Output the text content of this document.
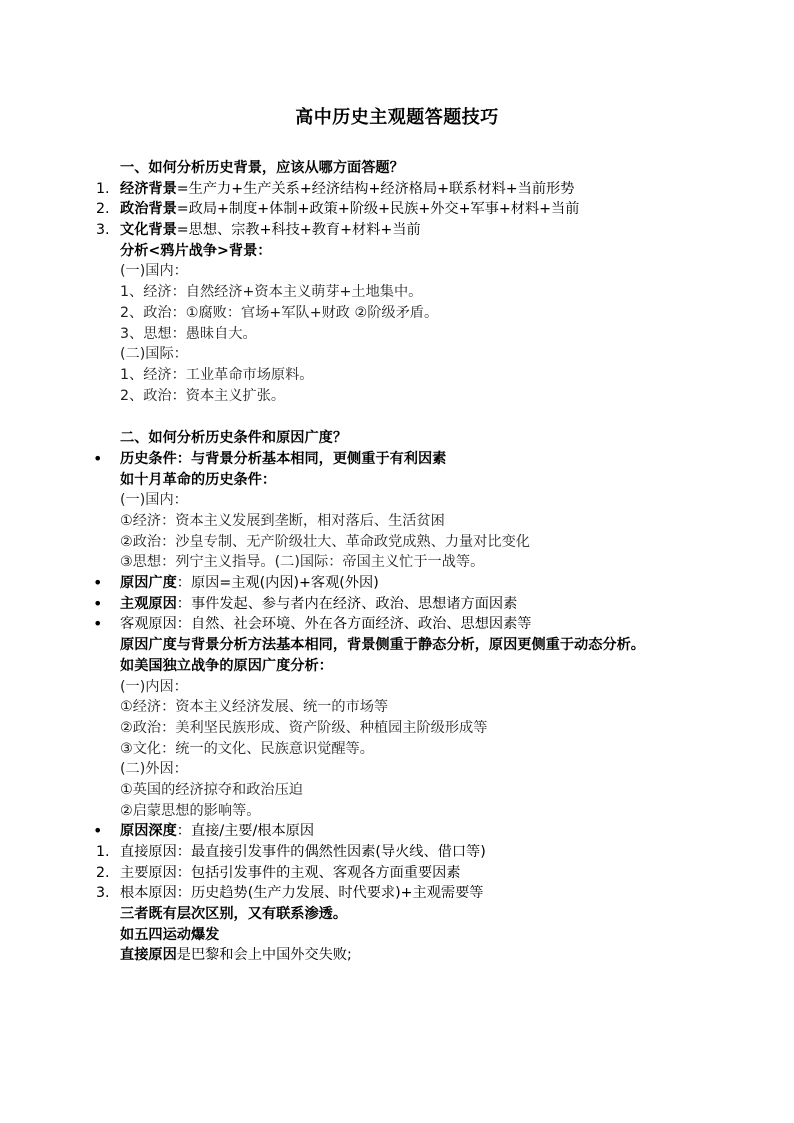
高中历史主观题答题技巧
一、如何分析历史背景，应该从哪方面答题？
1. 经济背景=生产力+生产关系+经济结构+经济格局+联系材料+当前形势
2. 政治背景=政局+制度+体制+政策+阶级+民族+外交+军事+材料+当前
3. 文化背景=思想、宗教+科技+教育+材料+当前
分析<鸦片战争>背景：
(一)国内：
1、经济：自然经济+资本主义萌芽+土地集中。
2、政治：①腐败：官场+军队+财政 ②阶级矛盾。
3、思想：愚昧自大。
(二)国际：
1、经济：工业革命市场原料。
2、政治：资本主义扩张。
二、如何分析历史条件和原因广度？
• 历史条件：与背景分析基本相同，更侧重于有利因素
如十月革命的历史条件：
(一)国内：
①经济：资本主义发展到垄断，相对落后、生活贫困
②政治：沙皇专制、无产阶级壮大、革命政党成熟、力量对比变化
③思想：列宁主义指导。(二)国际：帝国主义忙于一战等。
• 原因广度：原因=主观(内因)+客观(外因)
• 主观原因：事件发起、参与者内在经济、政治、思想诸方面因素
• 客观原因：自然、社会环境、外在各方面经济、政治、思想因素等
原因广度与背景分析方法基本相同，背景侧重于静态分析，原因更侧重于动态分析。
如美国独立战争的原因广度分析：
(一)内因：
①经济：资本主义经济发展、统一的市场等
②政治：美利坚民族形成、资产阶级、种植园主阶级形成等
③文化：统一的文化、民族意识觉醒等。
(二)外因：
①英国的经济掠夺和政治压迫
②启蒙思想的影响等。
• 原因深度：直接/主要/根本原因
1. 直接原因：最直接引发事件的偶然性因素(导火线、借口等)
2. 主要原因：包括引发事件的主观、客观各方面重要因素
3. 根本原因：历史趋势(生产力发展、时代要求)+主观需要等
三者既有层次区别，又有联系渗透。
如五四运动爆发
直接原因是巴黎和会上中国外交失败;
